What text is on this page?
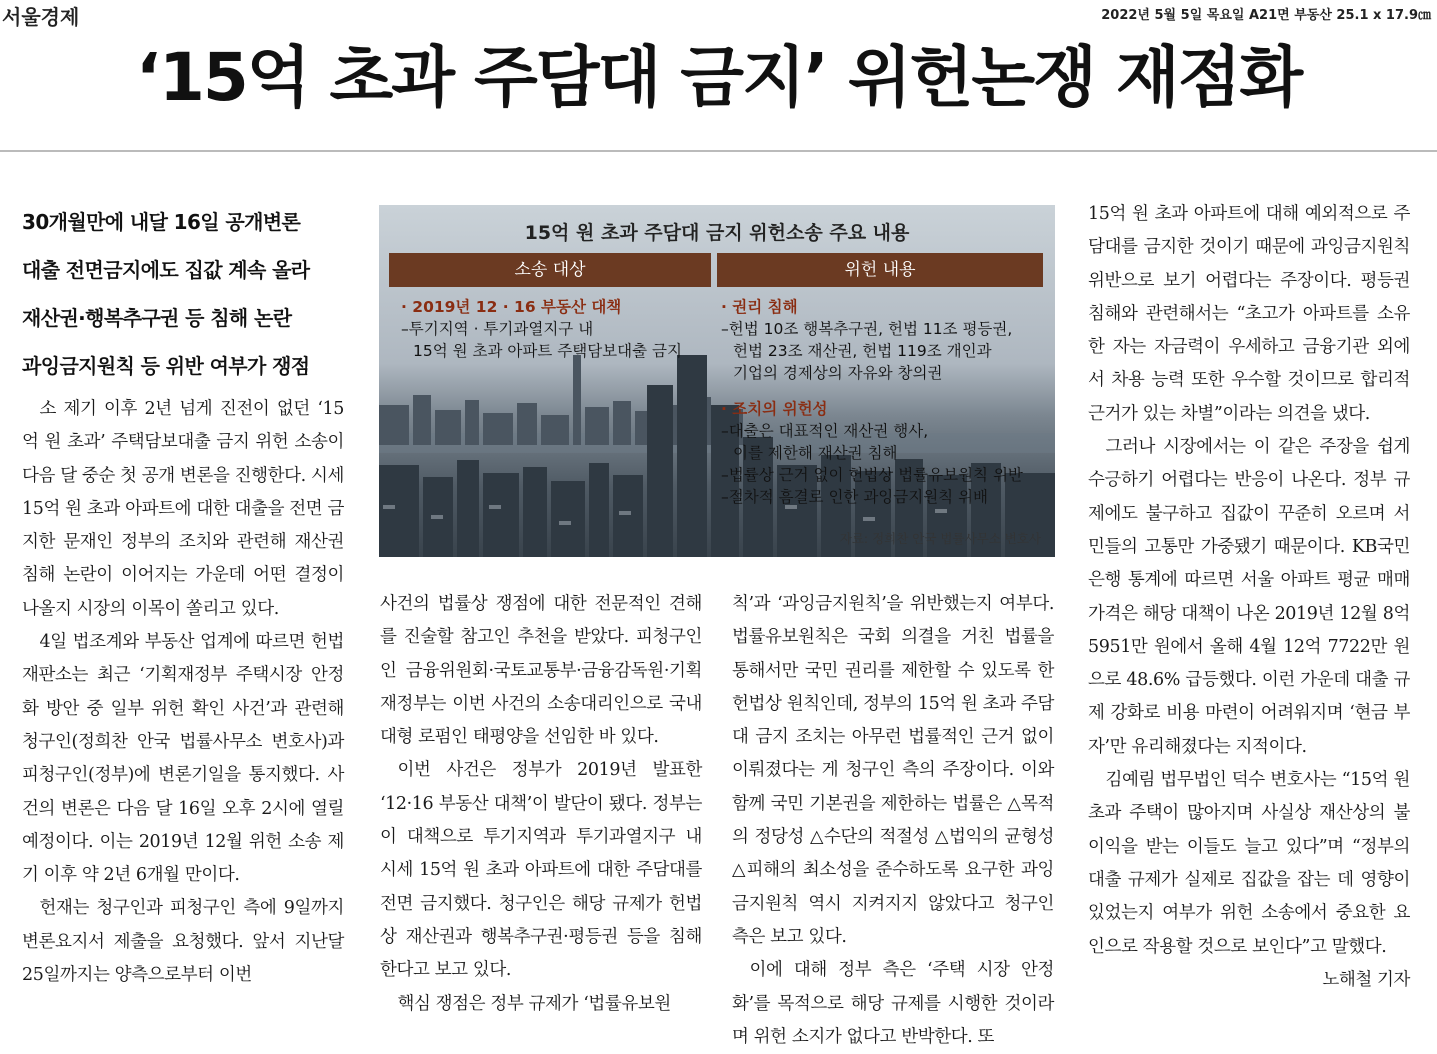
서울경제	2022년 5월 5일 목요일 A21면 부동산 25.1 x 17.9㎝
‘15억 초과 주담대 금지’ 위헌논쟁 재점화
30개월만에 내달 16일 공개변론
대출 전면금지에도 집값 계속 올라
재산권·행복추구권 등 침해 논란
과잉금지원칙 등 위반 여부가 쟁점
15억 원 초과 주담대 금지 위헌소송 주요 내용
소송 대상	위헌 내용
· 2019년 12 · 16 부동산 대책
–투기지역 · 투기과열지구 내
15억 원 초과 아파트 주택담보대출 금지
· 권리 침해
–헌법 10조 행복추구권, 헌법 11조 평등권,
헌법 23조 재산권, 헌법 119조 개인과
기업의 경제상의 자유와 창의권
· 조치의 위헌성
–대출은 대표적인 재산권 행사,
이를 제한해 재산권 침해
–법률상 근거 없이 헌법상 법률유보원칙 위반
–절차적 흠결로 인한 과잉금지원칙 위배
자료: 정희찬 안국 법률사무소 변호사

소 제기 이후 2년 넘게 진전이 없던 ‘15억 원 초과’ 주택담보대출 금지 위헌 소송이 다음 달 중순 첫 공개 변론을 진행한다. 시세 15억 원 초과 아파트에 대한 대출을 전면 금지한 문재인 정부의 조치와 관련해 재산권 침해 논란이 이어지는 가운데 어떤 결정이 나올지 시장의 이목이 쏠리고 있다.

4일 법조계와 부동산 업계에 따르면 헌법재판소는 최근 ‘기획재정부 주택시장 안정화 방안 중 일부 위헌 확인 사건’과 관련해 청구인(정희찬 안국 법률사무소 변호사)과 피청구인(정부)에 변론기일을 통지했다. 사건의 변론은 다음 달 16일 오후 2시에 열릴 예정이다. 이는 2019년 12월 위헌 소송 제기 이후 약 2년 6개월 만이다.

헌재는 청구인과 피청구인 측에 9일까지 변론요지서 제출을 요청했다. 앞서 지난달 25일까지는 양측으로부터 이번

사건의 법률상 쟁점에 대한 전문적인 견해를 진술할 참고인 추천을 받았다. 피청구인인 금융위원회·국토교통부·금융감독원·기획재정부는 이번 사건의 소송대리인으로 국내 대형 로펌인 태평양을 선임한 바 있다.

이번 사건은 정부가 2019년 발표한 ‘12·16 부동산 대책’이 발단이 됐다. 정부는 이 대책으로 투기지역과 투기과열지구 내 시세 15억 원 초과 아파트에 대한 주담대를 전면 금지했다. 청구인은 해당 규제가 헌법상 재산권과 행복추구권·평등권 등을 침해한다고 보고 있다.

핵심 쟁점은 정부 규제가 ‘법률유보원

칙’과 ‘과잉금지원칙’을 위반했는지 여부다. 법률유보원칙은 국회 의결을 거친 법률을 통해서만 국민 권리를 제한할 수 있도록 한 헌법상 원칙인데, 정부의 15억 원 초과 주담대 금지 조치는 아무런 법률적인 근거 없이 이뤄졌다는 게 청구인 측의 주장이다. 이와 함께 국민 기본권을 제한하는 법률은 △목적의 정당성 △수단의 적절성 △법익의 균형성 △피해의 최소성을 준수하도록 요구한 과잉금지원칙 역시 지켜지지 않았다고 청구인 측은 보고 있다.

이에 대해 정부 측은 ‘주택 시장 안정화’를 목적으로 해당 규제를 시행한 것이라며 위헌 소지가 없다고 반박한다. 또

15억 원 초과 아파트에 대해 예외적으로 주담대를 금지한 것이기 때문에 과잉금지원칙 위반으로 보기 어렵다는 주장이다. 평등권 침해와 관련해서는 “초고가 아파트를 소유한 자는 자금력이 우세하고 금융기관 외에서 차용 능력 또한 우수할 것이므로 합리적 근거가 있는 차별”이라는 의견을 냈다.

그러나 시장에서는 이 같은 주장을 쉽게 수긍하기 어렵다는 반응이 나온다. 정부 규제에도 불구하고 집값이 꾸준히 오르며 서민들의 고통만 가중됐기 때문이다. KB국민은행 통계에 따르면 서울 아파트 평균 매매가격은 해당 대책이 나온 2019년 12월 8억 5951만 원에서 올해 4월 12억 7722만 원으로 48.6% 급등했다. 이런 가운데 대출 규제 강화로 비용 마련이 어려워지며 ‘현금 부자’만 유리해졌다는 지적이다.

김예림 법무법인 덕수 변호사는 “15억 원 초과 주택이 많아지며 사실상 재산상의 불이익을 받는 이들도 늘고 있다”며 “정부의 대출 규제가 실제로 집값을 잡는 데 영향이 있었는지 여부가 위헌 소송에서 중요한 요인으로 작용할 것으로 보인다”고 말했다.
노해철 기자
